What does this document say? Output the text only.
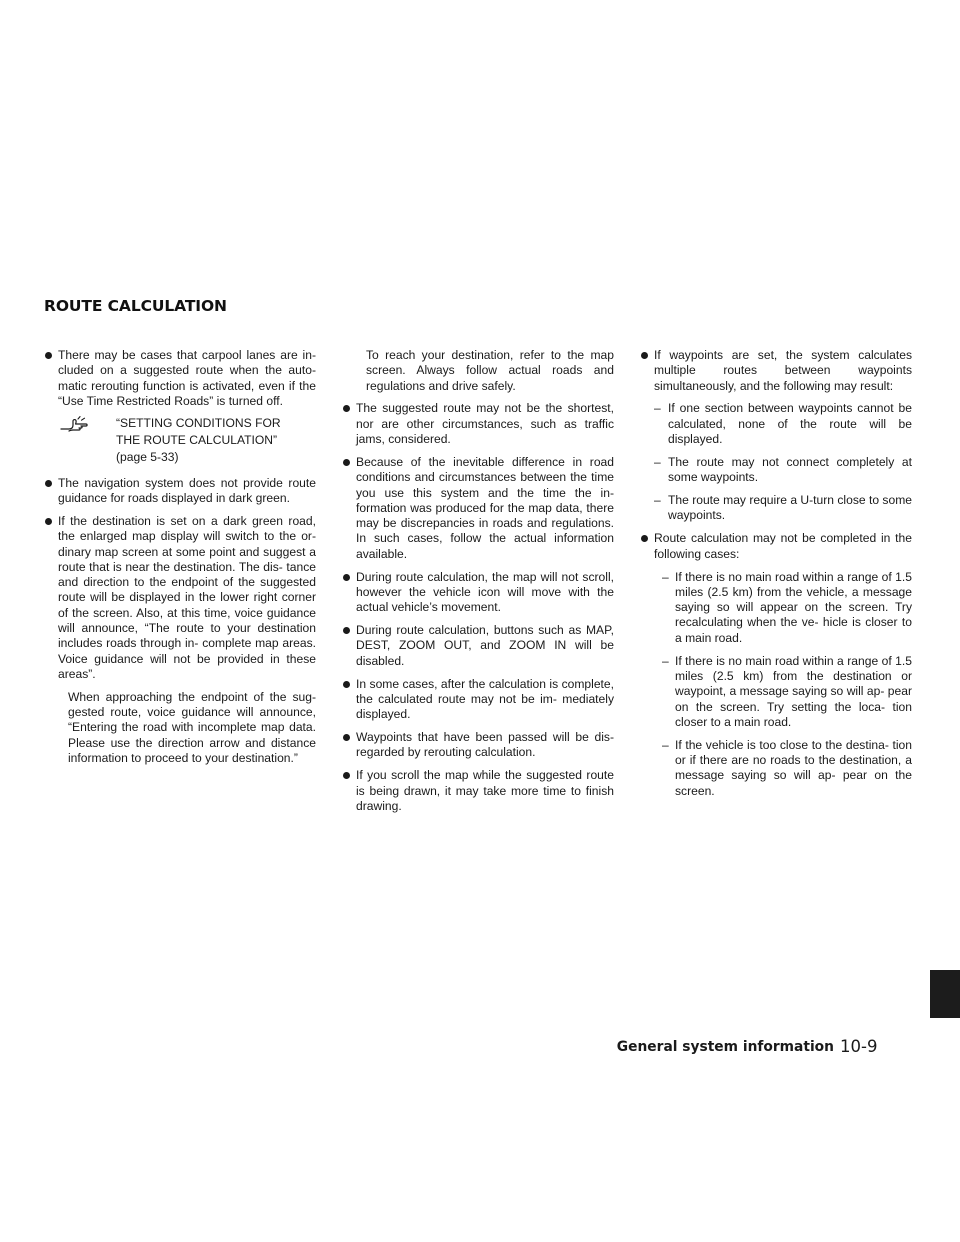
ROUTE CALCULATION

There may be cases that carpool lanes are in- cluded on a suggested route when the auto- matic rerouting function is activated, even if the “Use Time Restricted Roads” is turned off.

“SETTING CONDITIONS FOR
THE ROUTE CALCULATION”
(page 5-33)

The navigation system does not provide route guidance for roads displayed in dark green.

If the destination is set on a dark green road, the enlarged map display will switch to the or- dinary map screen at some point and suggest a route that is near the destination. The dis- tance and direction to the endpoint of the suggested route will be displayed in the lower right corner of the screen. Also, at this time, voice guidance will announce, “The route to your destination includes roads through in- complete map areas. Voice guidance will not be provided in these areas”.

When approaching the endpoint of the sug- gested route, voice guidance will announce, “Entering the road with incomplete map data. Please use the direction arrow and distance information to proceed to your destination.”

To reach your destination, refer to the map screen. Always follow actual roads and regulations and drive safely.

The suggested route may not be the shortest, nor are other circumstances, such as traffic jams, considered.

Because of the inevitable difference in road conditions and circumstances between the time you use this system and the time the in- formation was produced for the map data, there may be discrepancies in roads and regulations. In such cases, follow the actual information available.

During route calculation, the map will not scroll, however the vehicle icon will move with the actual vehicle’s movement.

During route calculation, buttons such as MAP, DEST, ZOOM OUT, and ZOOM IN will be disabled.

In some cases, after the calculation is complete, the calculated route may not be im- mediately displayed.

Waypoints that have been passed will be dis- regarded by rerouting calculation.

If you scroll the map while the suggested route is being drawn, it may take more time to finish drawing.

If waypoints are set, the system calculates multiple routes between waypoints simultaneously, and the following may result:

– If one section between waypoints cannot be calculated, none of the route will be displayed.

– The route may not connect completely at some waypoints.

– The route may require a U-turn close to some waypoints.

Route calculation may not be completed in the following cases:

– If there is no main road within a range of 1.5 miles (2.5 km) from the vehicle, a message saying so will appear on the screen. Try recalculating when the ve- hicle is closer to a main road.

– If there is no main road within a range of 1.5 miles (2.5 km) from the destination or waypoint, a message saying so will ap- pear on the screen. Try setting the loca- tion closer to a main road.

– If the vehicle is too close to the destina- tion or if there are no roads to the destination, a message saying so will ap- pear on the screen.

General system information 10-9
